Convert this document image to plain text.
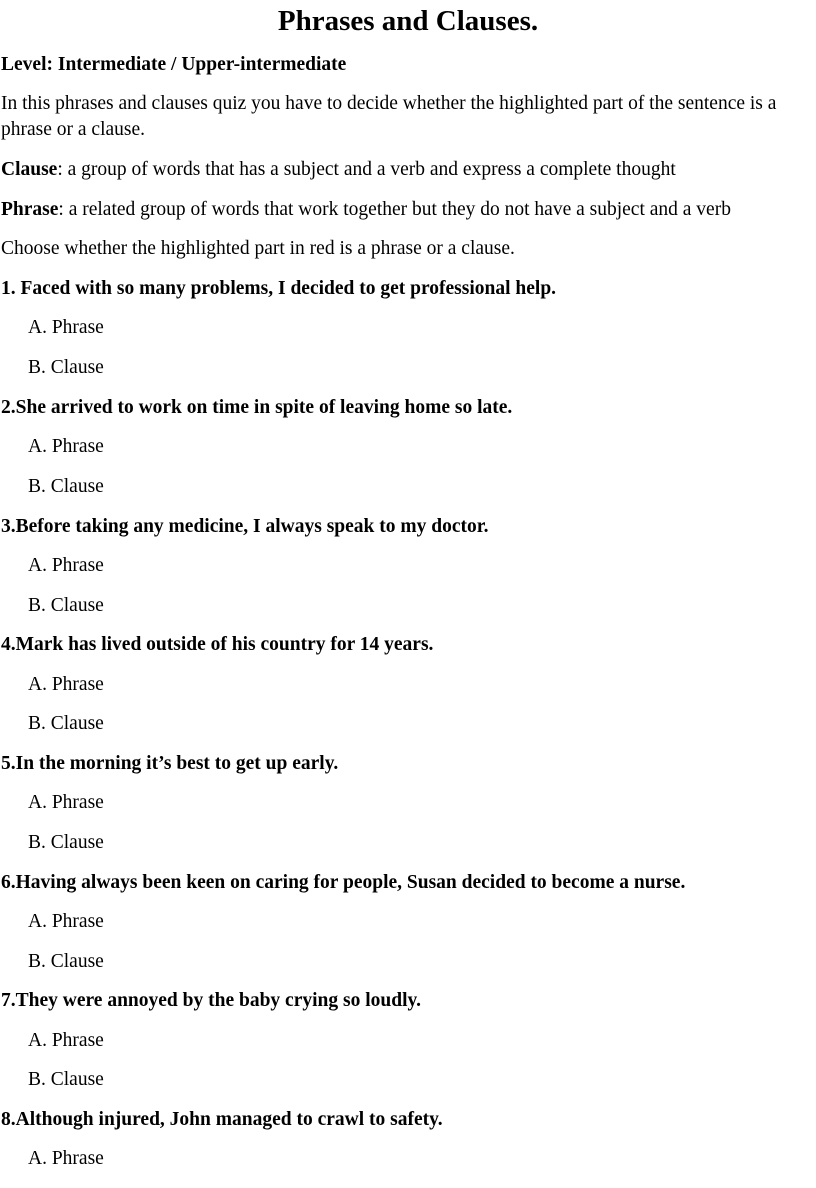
Phrases and Clauses.
Level: Intermediate / Upper-intermediate
In this phrases and clauses quiz you have to decide whether the highlighted part of the sentence is a phrase or a clause.
Clause: a group of words that has a subject and a verb and express a complete thought
Phrase: a related group of words that work together but they do not have a subject and a verb
Choose whether the highlighted part in red is a phrase or a clause.
1. Faced with so many problems, I decided to get professional help.
A. Phrase
B. Clause
2.She arrived to work on time in spite of leaving home so late.
A. Phrase
B. Clause
3.Before taking any medicine, I always speak to my doctor.
A. Phrase
B. Clause
4.Mark has lived outside of his country for 14 years.
A. Phrase
B. Clause
5.In the morning it’s best to get up early.
A. Phrase
B. Clause
6.Having always been keen on caring for people, Susan decided to become a nurse.
A. Phrase
B. Clause
7.They were annoyed by the baby crying so loudly.
A. Phrase
B. Clause
8.Although injured, John managed to crawl to safety.
A. Phrase
